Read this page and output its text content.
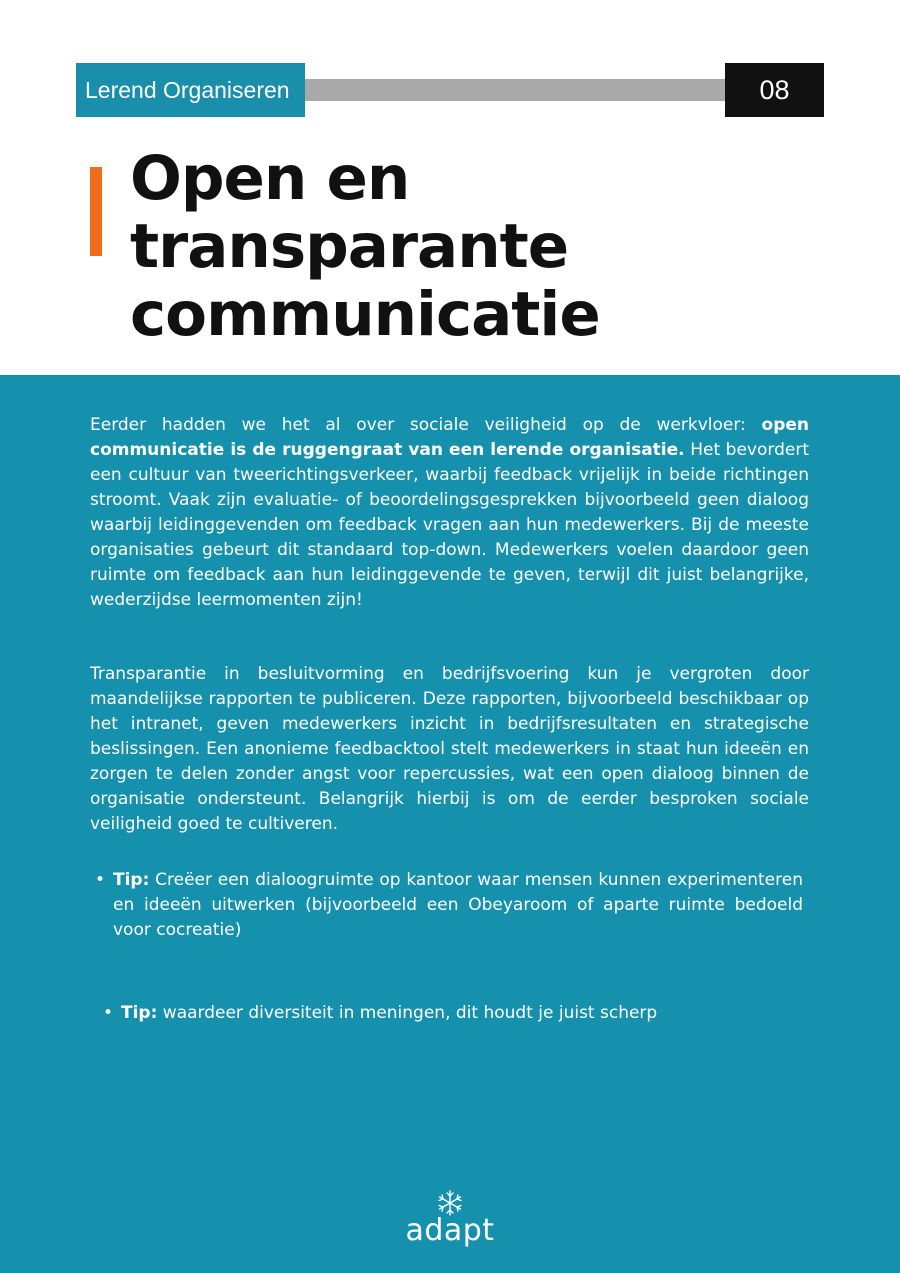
Lerend Organiseren	08
Open en
transparante
communicatie

Eerder hadden we het al over sociale veiligheid op de werkvloer: open communicatie is de ruggengraat van een lerende organisatie. Het bevordert een cultuur van tweerichtingsverkeer, waarbij feedback vrijelijk in beide richtingen stroomt. Vaak zijn evaluatie- of beoordelingsgesprekken bijvoorbeeld geen dialoog waarbij leidinggevenden om feedback vragen aan hun medewerkers. Bij de meeste organisaties gebeurt dit standaard top-down. Medewerkers voelen daardoor geen ruimte om feedback aan hun leidinggevende te geven, terwijl dit juist belangrijke, wederzijdse leermomenten zijn!

Transparantie in besluitvorming en bedrijfsvoering kun je vergroten door maandelijkse rapporten te publiceren. Deze rapporten, bijvoorbeeld beschikbaar op het intranet, geven medewerkers inzicht in bedrijfsresultaten en strategische beslissingen. Een anonieme feedbacktool stelt medewerkers in staat hun ideeën en zorgen te delen zonder angst voor repercussies, wat een open dialoog binnen de organisatie ondersteunt. Belangrijk hierbij is om de eerder besproken sociale veiligheid goed te cultiveren.

• Tip: Creëer een dialoogruimte op kantoor waar mensen kunnen experimenteren en ideeën uitwerken (bijvoorbeeld een Obeyaroom of aparte ruimte bedoeld voor cocreatie)
• Tip: waardeer diversiteit in meningen, dit houdt je juist scherp
adapt
